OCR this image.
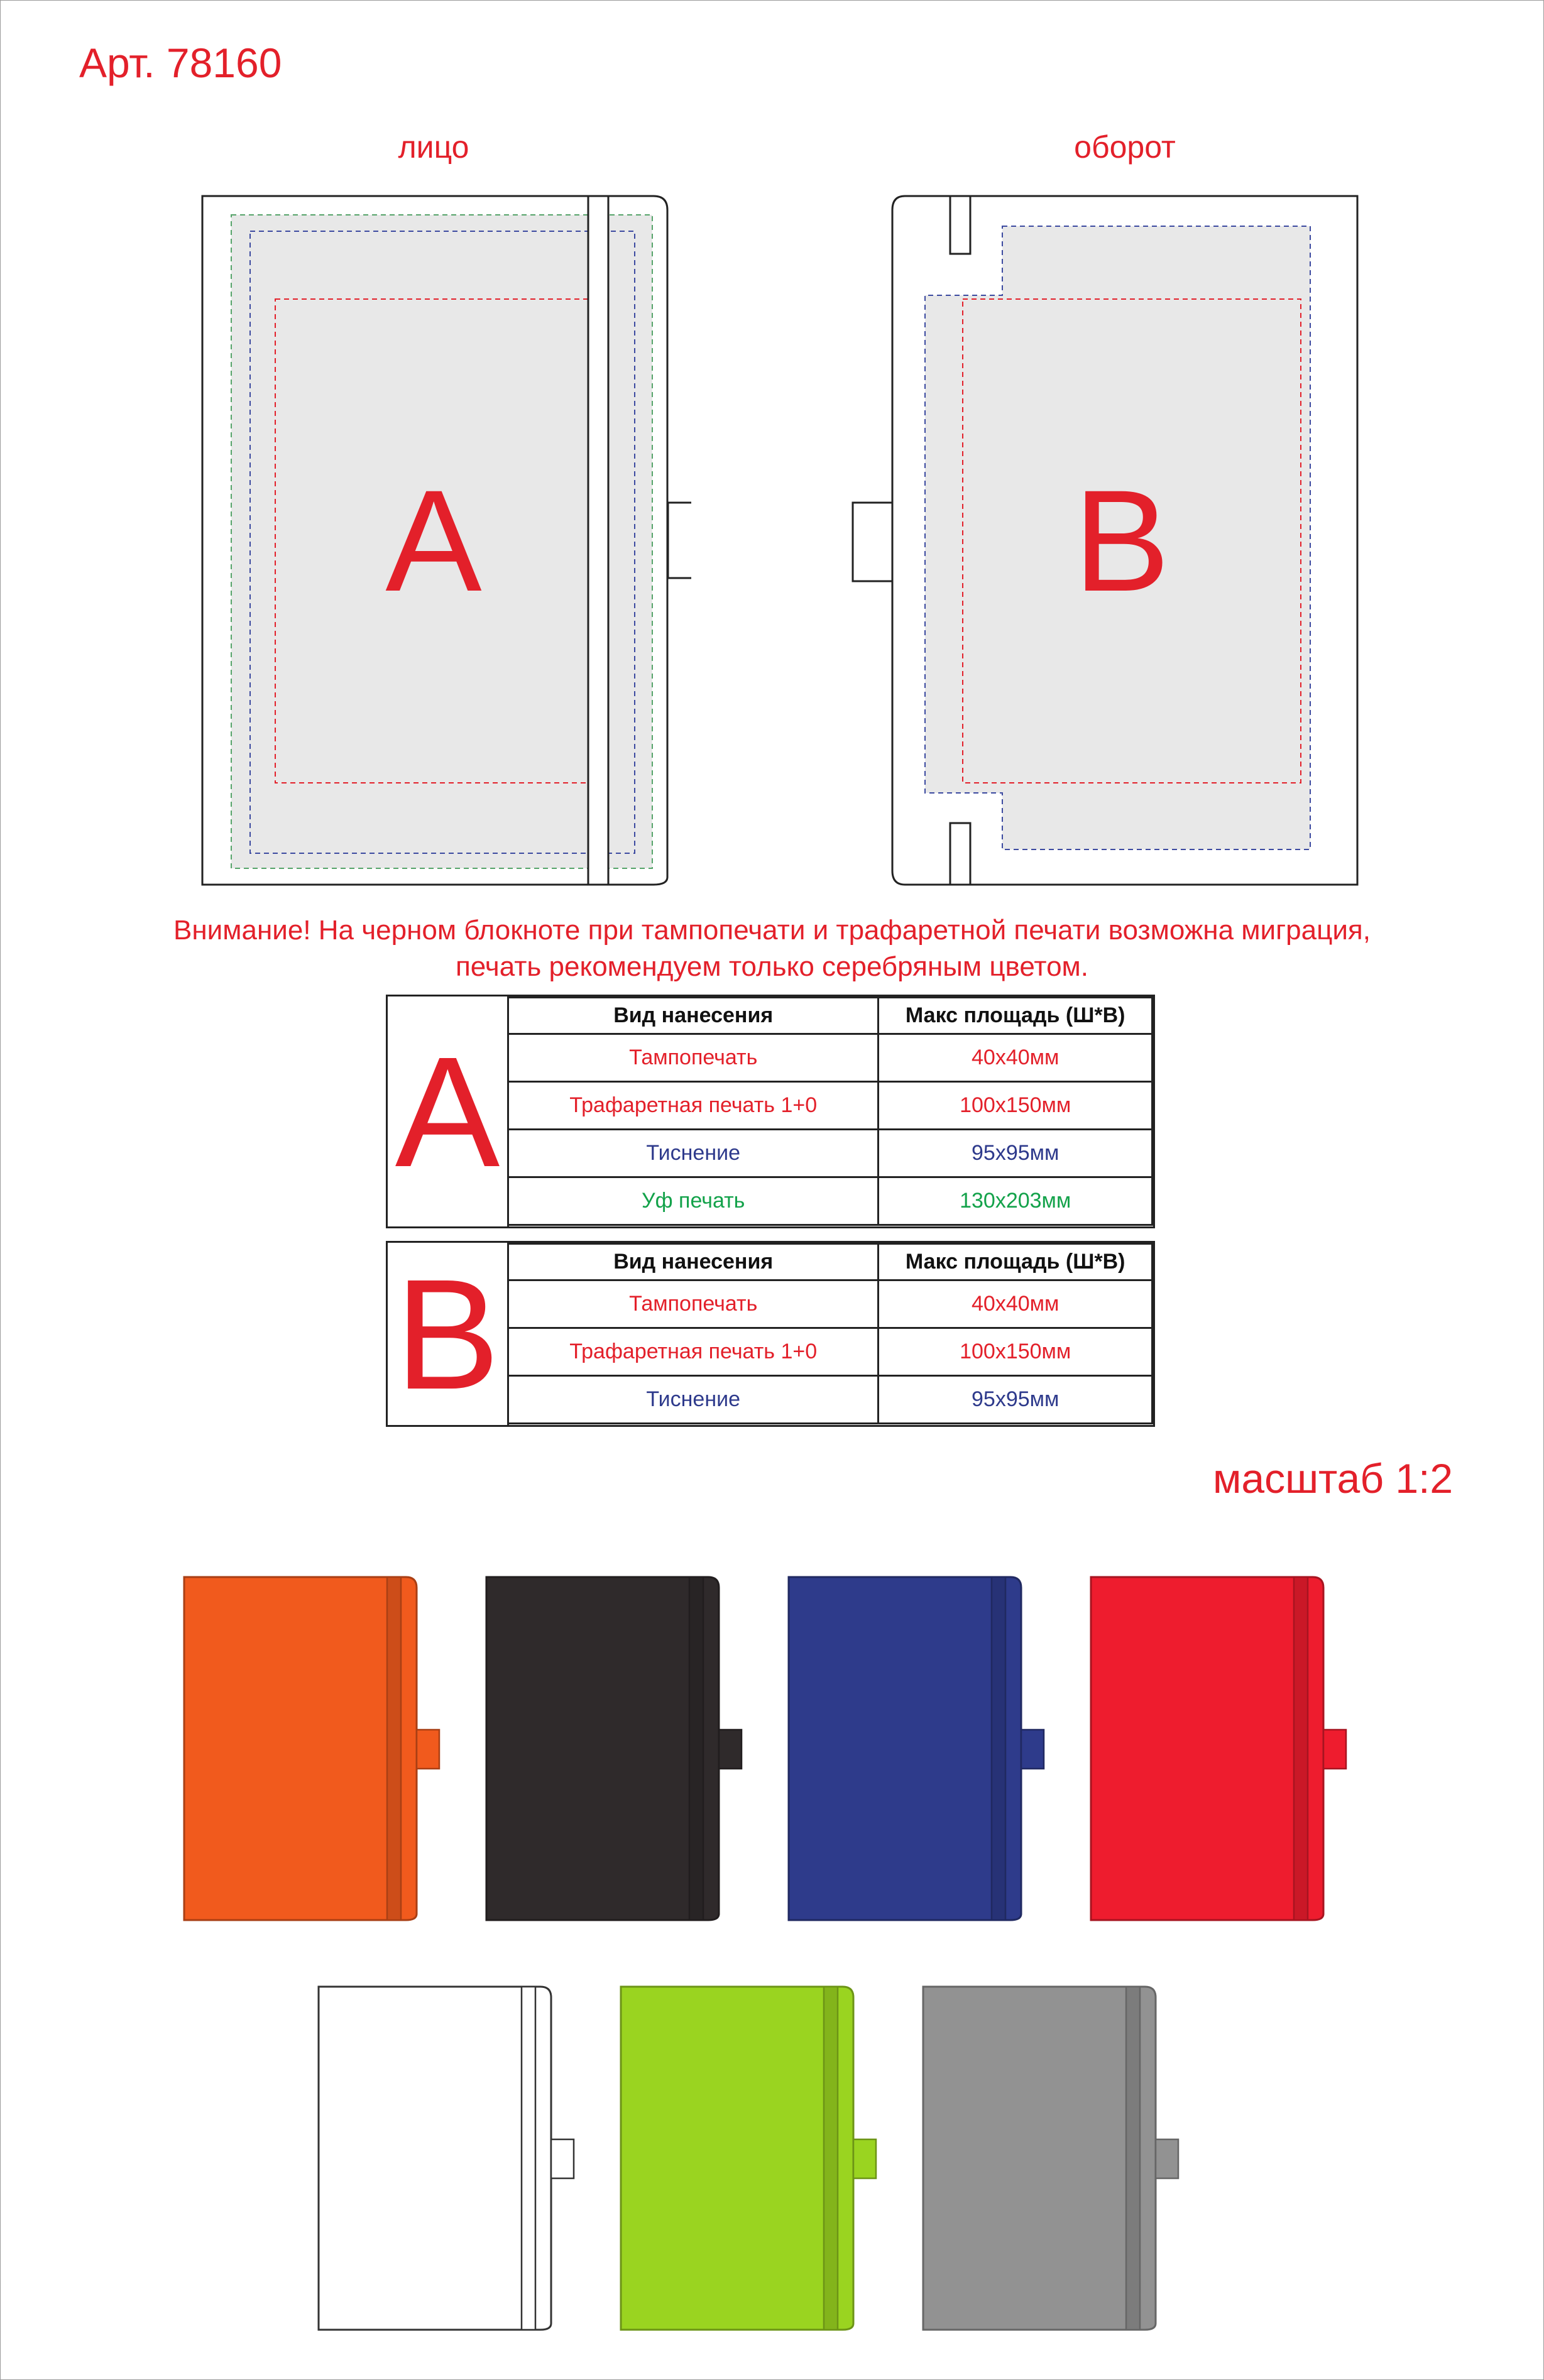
Арт. 78160
лицо	оборот
A	B
Внимание! На черном блокноте при тампопечати и трафаретной печати возможна миграция,
печать рекомендуем только серебряным цветом.
A
Вид нанесения	Макс площадь (Ш*В)
Тампопечать	40x40мм
Трафаретная печать 1+0	100x150мм
Тиснение	95x95мм
Уф печать	130x203мм
B	Вид нанесения	Макс площадь (Ш*В)
Тампопечать	40x40мм
Трафаретная печать 1+0	100x150мм
Тиснение	95x95мм
масштаб 1:2
